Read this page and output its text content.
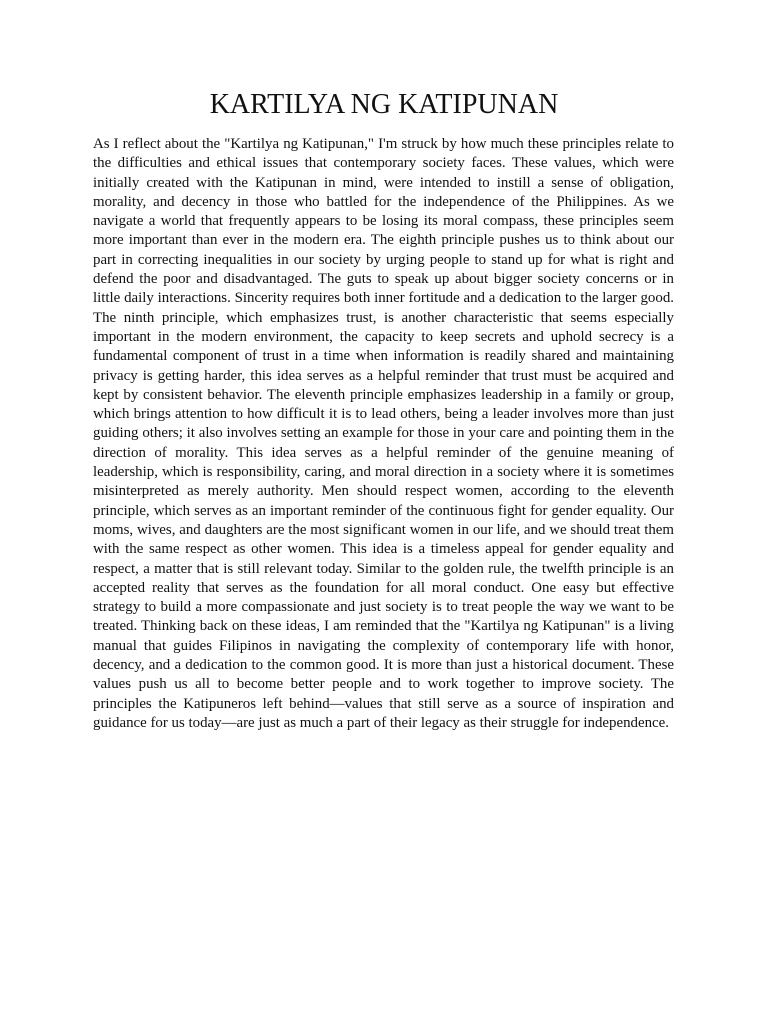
KARTILYA NG KATIPUNAN

As I reflect about the "Kartilya ng Katipunan," I'm struck by how much these principles relate to the difficulties and ethical issues that contemporary society faces. These values, which were initially created with the Katipunan in mind, were intended to instill a sense of obligation, morality, and decency in those who battled for the independence of the Philippines. As we navigate a world that frequently appears to be losing its moral compass, these principles seem more important than ever in the modern era. The eighth principle pushes us to think about our part in correcting inequalities in our society by urging people to stand up for what is right and defend the poor and disadvantaged. The guts to speak up about bigger society concerns or in little daily interactions. Sincerity requires both inner fortitude and a dedication to the larger good. The ninth principle, which emphasizes trust, is another characteristic that seems especially important in the modern environment, the capacity to keep secrets and uphold secrecy is a fundamental component of trust in a time when information is readily shared and maintaining privacy is getting harder, this idea serves as a helpful reminder that trust must be acquired and kept by consistent behavior. The eleventh principle emphasizes leadership in a family or group, which brings attention to how difficult it is to lead others, being a leader involves more than just guiding others; it also involves setting an example for those in your care and pointing them in the direction of morality. This idea serves as a helpful reminder of the genuine meaning of leadership, which is responsibility, caring, and moral direction in a society where it is sometimes misinterpreted as merely authority. Men should respect women, according to the eleventh principle, which serves as an important reminder of the continuous fight for gender equality. Our moms, wives, and daughters are the most significant women in our life, and we should treat them with the same respect as other women. This idea is a timeless appeal for gender equality and respect, a matter that is still relevant today. Similar to the golden rule, the twelfth principle is an accepted reality that serves as the foundation for all moral conduct. One easy but effective strategy to build a more compassionate and just society is to treat people the way we want to be treated. Thinking back on these ideas, I am reminded that the "Kartilya ng Katipunan" is a living manual that guides Filipinos in navigating the complexity of contemporary life with honor, decency, and a dedication to the common good. It is more than just a historical document. These values push us all to become better people and to work together to improve society. The principles the Katipuneros left behind—values that still serve as a source of inspiration and guidance for us today—are just as much a part of their legacy as their struggle for independence.
